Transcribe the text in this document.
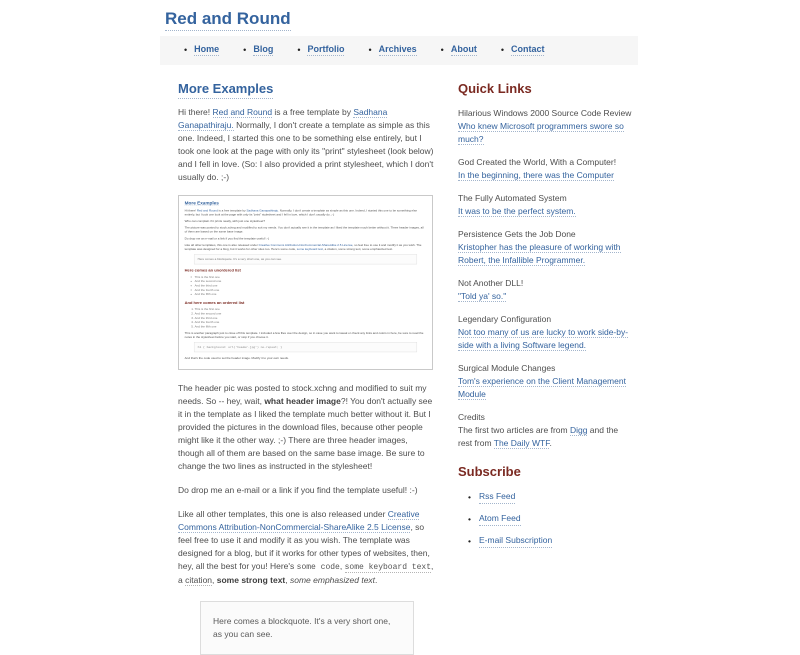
Red and Round
• Home	• Blog	• Portfolio	• Archives	• About	• Contact
More Examples

Hi there! Red and Round is a free template by Sadhana Ganapathiraju. Normally, I don't create a template as simple as this one. Indeed, I started this one to be something else entirely, but I took one look at the page with only its "print" stylesheet (look below) and I fell in love. (So: I also provided a print stylesheet, which I don't usually do. ;-)

More Examples

Hi there! Red and Round is a free template by Sadhana Ganapathiraju. Normally, I don't create a template as simple as this one. Indeed, I started this one to be something else entirely, but I took one look at the page with only its "print" stylesheet and I fell in love, which I don't usually do. ;-)

Who can complain if it prints neatly, with just one stylesheet?

The picture was posted to stock.xchng and modified to suit my needs. You don't actually see it in the template as I liked the template much better without it. Three header images, all of them are based on the same base image.

Do drop me an e-mail or a link if you find the template useful! :-)

Like all other templates, this one is also released under Creative Commons Attribution-NonCommercial-ShareAlike 2.5 License, so feel free to use it and modify it as you wish. The template was designed for a blog, but it works for other sites too. Here's some code, some keyboard text, a citation, some strong text, some emphasized text.

Here comes a blockquote. It's a very short one, as you can see.
Here comes an unordered list
• This is the first one
• And the second one
• And the third one
• And the fourth one
• And the fifth one
And here comes an ordered list
1. This is the first one
2. And the second one
3. And the third one
4. And the fourth one
5. And the fifth one

This is another paragraph just to close off this template. I included a few files over the design, so in case you want to tweak or check any links and colors in here, be sure to read the notes in the stylesheet before you start, or stop if you choose it.

h1 { background: url('header.jpg') no-repeat; }

And that's the code used to set the header image. Modify it to your own needs.

The header pic was posted to stock.xchng and modified to suit my needs. So -- hey, wait, what header image?! You don't actually see it in the template as I liked the template much better without it. But I provided the pictures in the download files, because other people might like it the other way. ;-) There are three header images, though all of them are based on the same base image. Be sure to change the two lines as instructed in the stylesheet!

Do drop me an e-mail or a link if you find the template useful! :-)

Like all other templates, this one is also released under Creative Commons Attribution-NonCommercial-ShareAlike 2.5 License, so feel free to use it and modify it as you wish. The template was designed for a blog, but if it works for other types of websites, then, hey, all the best for you! Here's some code, some keyboard text, a citation, some strong text, some emphasized text.

Here comes a blockquote. It's a very short one, as you can see.
Quick Links
Hilarious Windows 2000 Source Code Review
Who knew Microsoft programmers swore so much?
God Created the World, With a Computer!
In the beginning, there was the Computer
The Fully Automated System
It was to be the perfect system.
Persistence Gets the Job Done
Kristopher has the pleasure of working with Robert, the Infallible Programmer.
Not Another DLL!
"Told ya' so."
Legendary Configuration
Not too many of us are lucky to work side-by-side with a living Software legend.
Surgical Module Changes
Tom's experience on the Client Management Module
Credits
The first two articles are from Digg and the rest from The Daily WTF.
Subscribe
• Rss Feed
• Atom Feed
• E-mail Subscription
